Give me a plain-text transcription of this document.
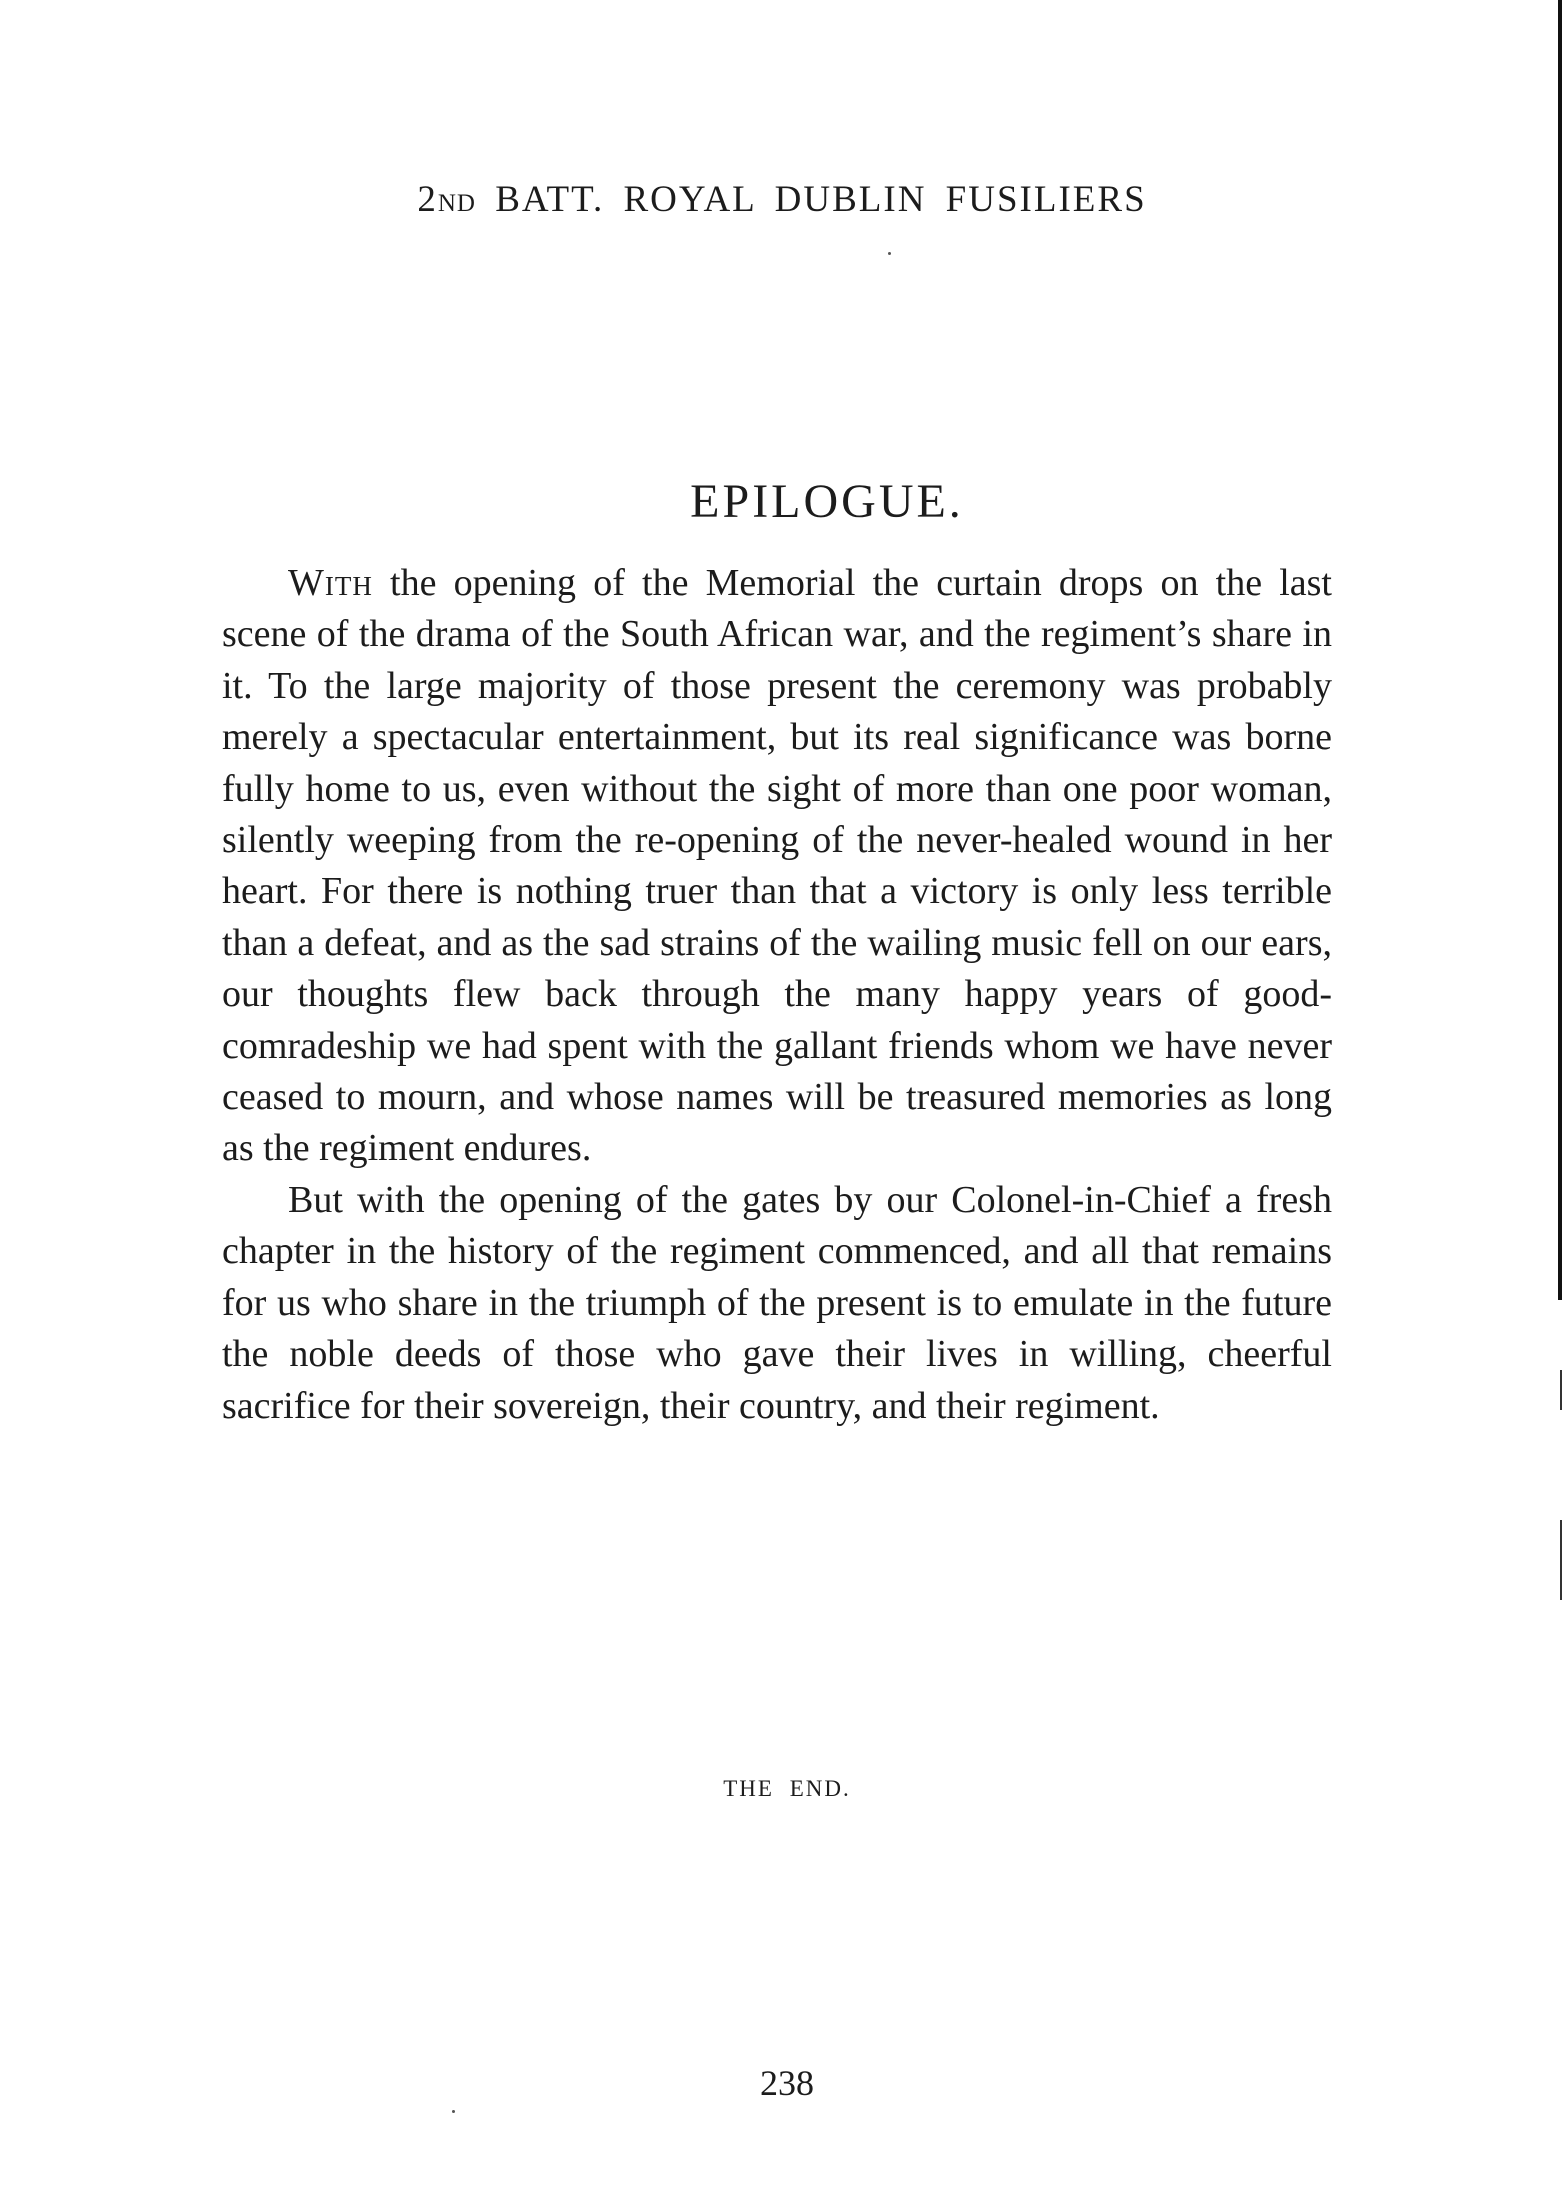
2ND BATT. ROYAL DUBLIN FUSILIERS
EPILOGUE.

With the opening of the Memorial the curtain drops on the last scene of the drama of the South African war, and the regiment’s share in it. To the large majority of those present the ceremony was probably merely a spectacular entertainment, but its real significance was borne fully home to us, even without the sight of more than one poor woman, silently weeping from the re-opening of the never-healed wound in her heart. For there is nothing truer than that a victory is only less terrible than a defeat, and as the sad strains of the wailing music fell on our ears, our thoughts flew back through the many happy years of good-comradeship we had spent with the gallant friends whom we have never ceased to mourn, and whose names will be treasured memories as long as the regiment endures.

But with the opening of the gates by our Colonel-in-Chief a fresh chapter in the history of the regiment commenced, and all that remains for us who share in the triumph of the present is to emulate in the future the noble deeds of those who gave their lives in willing, cheerful sacrifice for their sovereign, their country, and their regiment.

THE END.
238
